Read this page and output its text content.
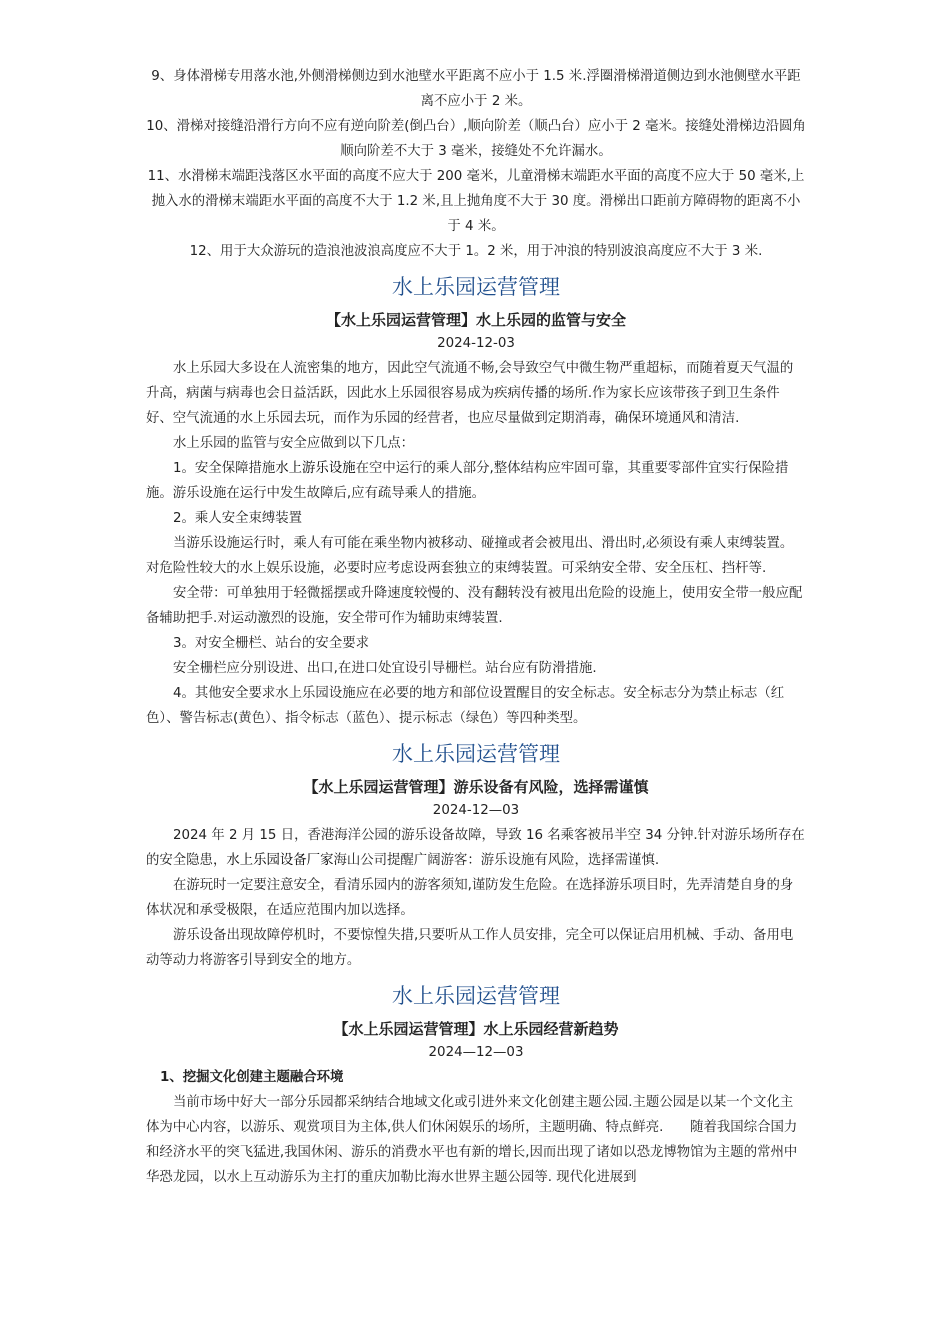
9、身体滑梯专用落水池,外侧滑梯侧边到水池壁水平距离不应小于 1.5 米.浮圈滑梯滑道侧边到水池侧壁水平距离不应小于 2 米。

10、滑梯对接缝沿滑行方向不应有逆向阶差(倒凸台）,顺向阶差（顺凸台）应小于 2 毫米。接缝处滑梯边沿圆角顺向阶差不大于 3 毫米，接缝处不允许漏水。

11、水滑梯末端距浅落区水平面的高度不应大于 200 毫米，儿童滑梯末端距水平面的高度不应大于 50 毫米,上抛入水的滑梯末端距水平面的高度不大于 1.2 米,且上抛角度不大于 30 度。滑梯出口距前方障碍物的距离不小于 4 米。

12、用于大众游玩的造浪池波浪高度应不大于 1。2 米，用于冲浪的特别波浪高度应不大于 3 米.

水上乐园运营管理
【水上乐园运营管理】水上乐园的监管与安全
2024-12-03

水上乐园大多设在人流密集的地方，因此空气流通不畅,会导致空气中微生物严重超标，而随着夏天气温的升高，病菌与病毒也会日益活跃，因此水上乐园很容易成为疾病传播的场所.作为家长应该带孩子到卫生条件好、空气流通的水上乐园去玩，而作为乐园的经营者，也应尽量做到定期消毒，确保环境通风和清洁.

水上乐园的监管与安全应做到以下几点：

1。安全保障措施水上游乐设施在空中运行的乘人部分,整体结构应牢固可靠，其重要零部件宜实行保险措施。游乐设施在运行中发生故障后,应有疏导乘人的措施。

2。乘人安全束缚装置

当游乐设施运行时，乘人有可能在乘坐物内被移动、碰撞或者会被甩出、滑出时,必须设有乘人束缚装置。对危险性较大的水上娱乐设施，必要时应考虑设两套独立的束缚装置。可采纳安全带、安全压杠、挡杆等.

安全带：可单独用于轻微摇摆或升降速度较慢的、没有翻转没有被甩出危险的设施上，使用安全带一般应配备辅助把手.对运动激烈的设施，安全带可作为辅助束缚装置.

3。对安全栅栏、站台的安全要求

安全栅栏应分别设进、出口,在进口处宜设引导栅栏。站台应有防滑措施.

4。其他安全要求水上乐园设施应在必要的地方和部位设置醒目的安全标志。安全标志分为禁止标志（红色）、警告标志(黄色）、指令标志（蓝色）、提示标志（绿色）等四种类型。

水上乐园运营管理
【水上乐园运营管理】游乐设备有风险，选择需谨慎
2024-12—03

2024 年 2 月 15 日，香港海洋公园的游乐设备故障，导致 16 名乘客被吊半空 34 分钟.针对游乐场所存在的安全隐患，水上乐园设备厂家海山公司提醒广阔游客：游乐设施有风险，选择需谨慎.

在游玩时一定要注意安全，看清乐园内的游客须知,谨防发生危险。在选择游乐项目时，先弄清楚自身的身体状况和承受极限，在适应范围内加以选择。

游乐设备出现故障停机时，不要惊惶失措,只要听从工作人员安排，完全可以保证启用机械、手动、备用电动等动力将游客引导到安全的地方。

水上乐园运营管理
【水上乐园运营管理】水上乐园经营新趋势
2024—12—03
1、挖掘文化创建主题融合环境

当前市场中好大一部分乐园都采纳结合地域文化或引进外来文化创建主题公园.主题公园是以某一个文化主体为中心内容，以游乐、观赏项目为主体,供人们休闲娱乐的场所，主题明确、特点鲜亮.　　随着我国综合国力和经济水平的突飞猛进,我国休闲、游乐的消费水平也有新的增长,因而出现了诸如以恐龙博物馆为主题的常州中华恐龙园，以水上互动游乐为主打的重庆加勒比海水世界主题公园等. 现代化进展到
